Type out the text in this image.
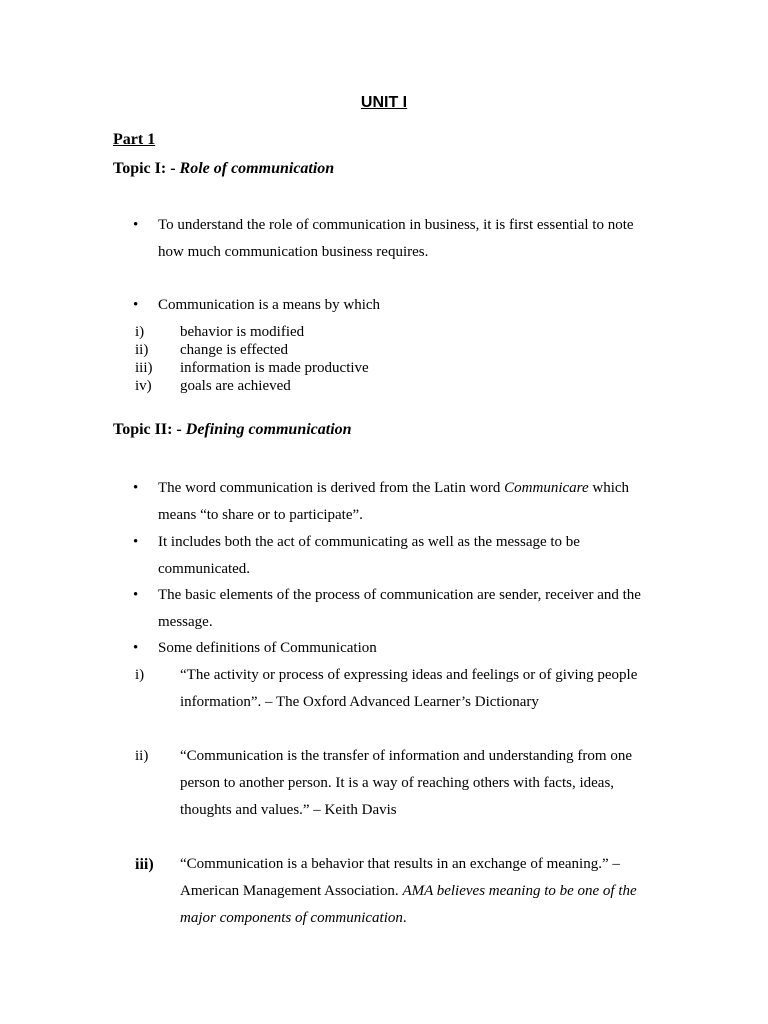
UNIT I
Part 1
Topic I: - Role of communication
• To understand the role of communication in business, it is first essential to note how much communication business requires.
• Communication is a means by which
i) behavior is modified
ii) change is effected
iii) information is made productive
iv) goals are achieved
Topic II: - Defining communication
• The word communication is derived from the Latin word Communicare which means “to share or to participate”.
• It includes both the act of communicating as well as the message to be communicated.
• The basic elements of the process of communication are sender, receiver and the message.
• Some definitions of Communication
i) “The activity or process of expressing ideas and feelings or of giving people information”. – The Oxford Advanced Learner’s Dictionary
ii) “Communication is the transfer of information and understanding from one person to another person. It is a way of reaching others with facts, ideas, thoughts and values.” – Keith Davis
iii) “Communication is a behavior that results in an exchange of meaning.” – American Management Association. AMA believes meaning to be one of the major components of communication.
